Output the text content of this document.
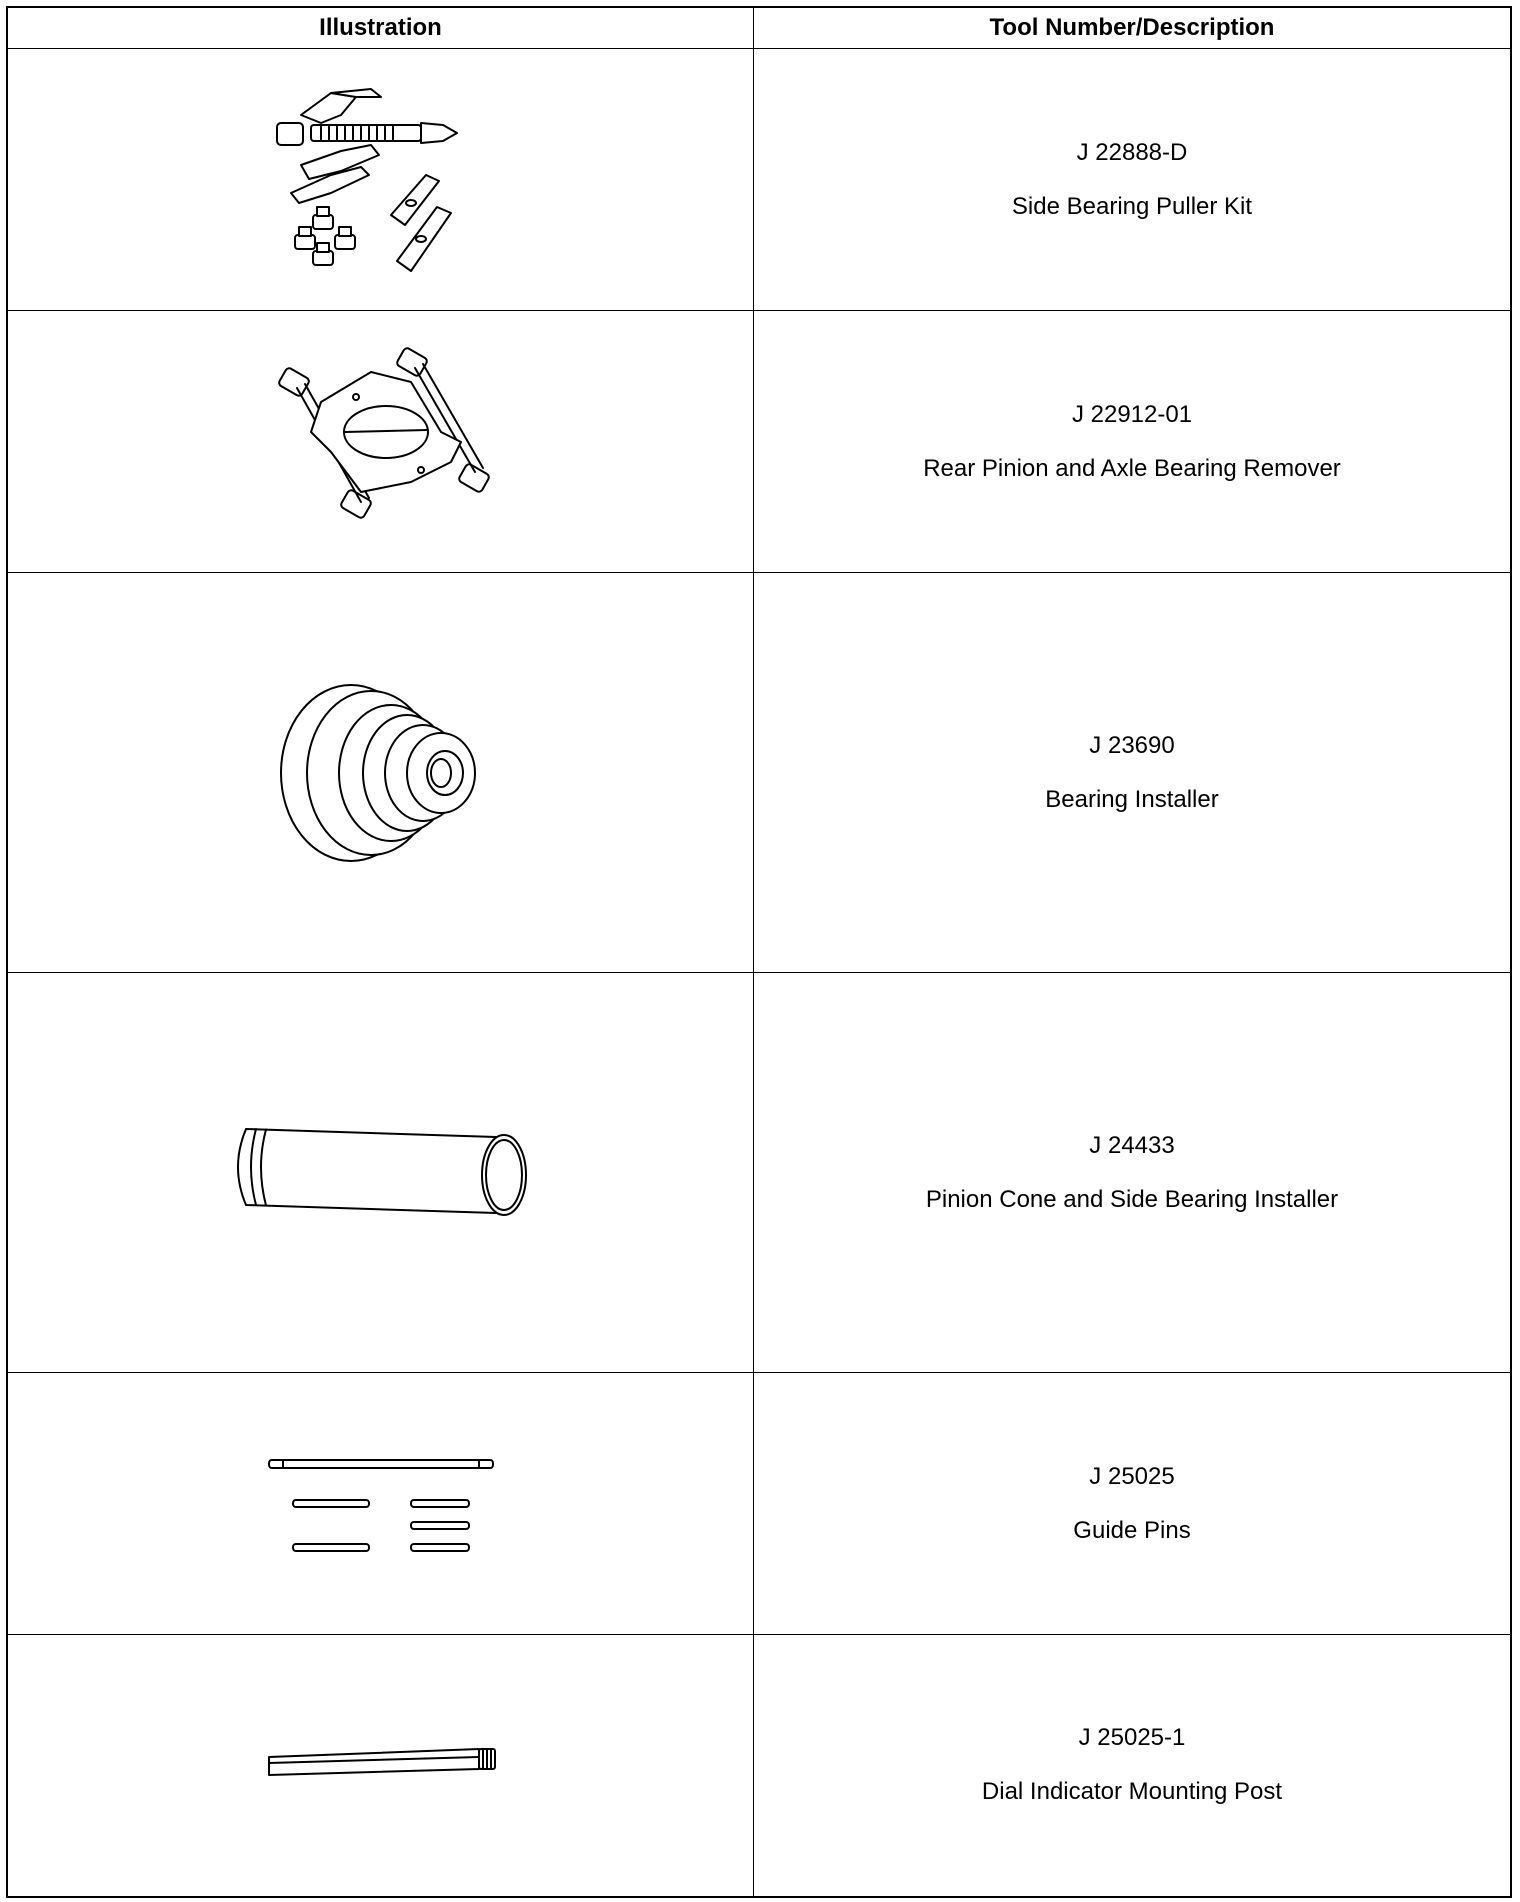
Illustration	Tool Number/Description

J 22888-D
Side Bearing Puller Kit

J 22912-01
Rear Pinion and Axle Bearing Remover

J 23690
Bearing Installer

J 24433
Pinion Cone and Side Bearing Installer

J 25025
Guide Pins

J 25025-1
Dial Indicator Mounting Post
